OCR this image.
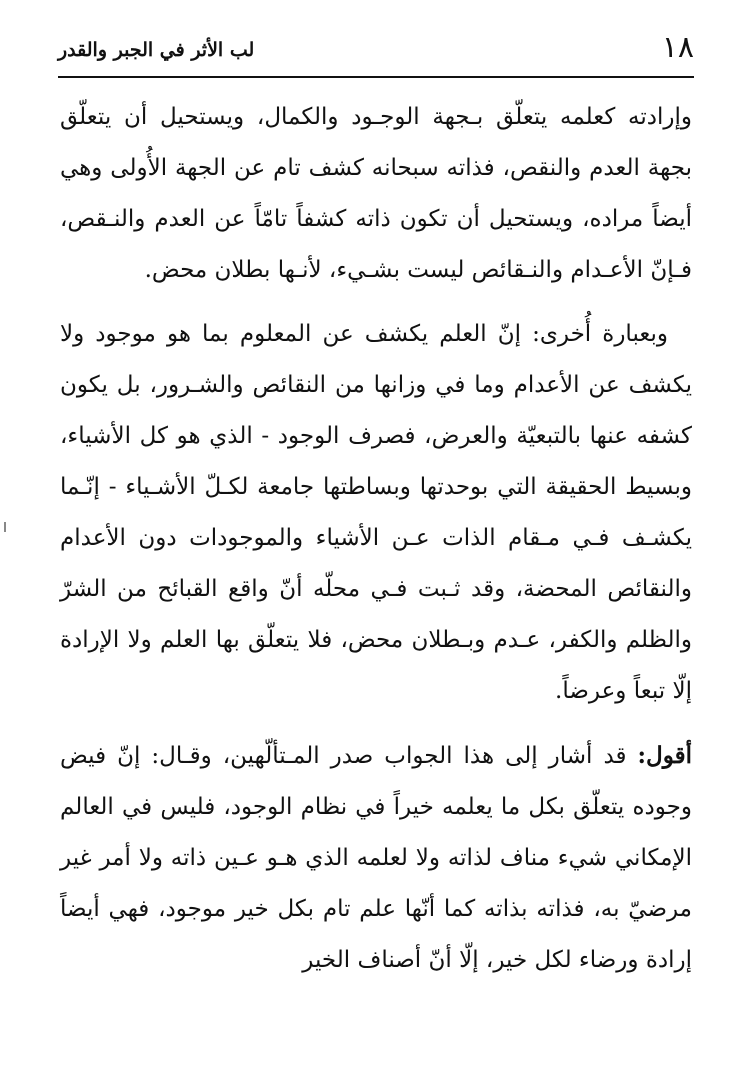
١٨
لب الأثر في الجبر والقدر

وإرادته كعلمه يتعلّق بـجهة الوجـود والكمال، ويستحيل أن يتعلّق بجهة العدم والنقص، فذاته سبحانه كشف تام عن الجهة الأُولى وهي أيضاً مراده، ويستحيل أن تكون ذاته كشفاً تامّاً عن العدم والنـقص، فـإنّ الأعـدام والنـقائص ليست بشـيء، لأنـها بطلان محض.

وبعبارة أُخرى: إنّ العلم يكشف عن المعلوم بما هو موجود ولا يكشف عن الأعدام وما في وزانها من النقائص والشـرور، بل يكون كشفه عنها بالتبعيّة والعرض، فصرف الوجود - الذي هو كل الأشياء، وبسيط الحقيقة التي بوحدتها وبساطتها جامعة لكـلّ الأشـياء - إنّـما يكشـف فـي مـقام الذات عـن الأشياء والموجودات دون الأعدام والنقائص المحضة، وقد ثـبت فـي محلّه أنّ واقع القبائح من الشرّ والظلم والكفر، عـدم وبـطلان محض، فلا يتعلّق بها العلم ولا الإرادة إلّا تبعاً وعرضاً.

أقول: قد أشار إلى هذا الجواب صدر المـتألّهين، وقـال: إنّ فيض وجوده يتعلّق بكل ما يعلمه خيراً في نظام الوجود، فليس في العالم الإمكاني شيء مناف لذاته ولا لعلمه الذي هـو عـين ذاته ولا أمر غير مرضيّ به، فذاته بذاته كما أنّها علم تام بكل خير موجود، فهي أيضاً إرادة ورضاء لكل خير، إلّا أنّ أصناف الخير
